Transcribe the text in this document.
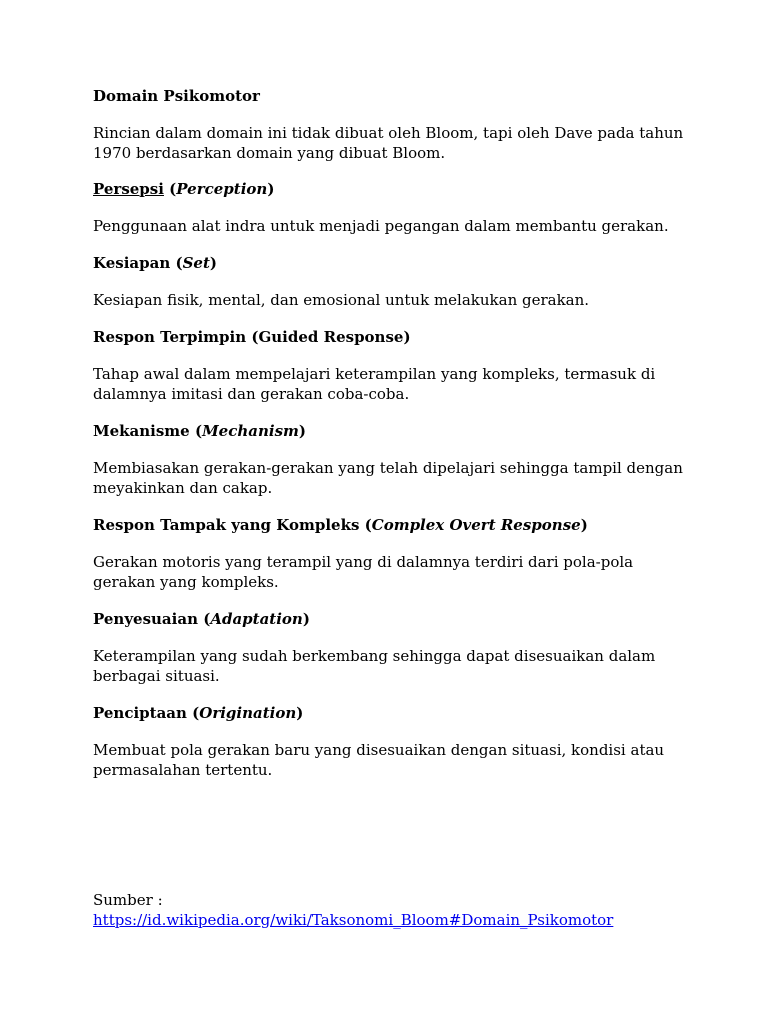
Domain Psikomotor

Rincian dalam domain ini tidak dibuat oleh Bloom, tapi oleh Dave pada tahun 1970 berdasarkan domain yang dibuat Bloom.

Persepsi (Perception)

Penggunaan alat indra untuk menjadi pegangan dalam membantu gerakan.

Kesiapan (Set)

Kesiapan fisik, mental, dan emosional untuk melakukan gerakan.

Respon Terpimpin (Guided Response)

Tahap awal dalam mempelajari keterampilan yang kompleks, termasuk di dalamnya imitasi dan gerakan coba-coba.

Mekanisme (Mechanism)

Membiasakan gerakan-gerakan yang telah dipelajari sehingga tampil dengan meyakinkan dan cakap.

Respon Tampak yang Kompleks (Complex Overt Response)

Gerakan motoris yang terampil yang di dalamnya terdiri dari pola-pola gerakan yang kompleks.

Penyesuaian (Adaptation)

Keterampilan yang sudah berkembang sehingga dapat disesuaikan dalam berbagai situasi.

Penciptaan (Origination)

Membuat pola gerakan baru yang disesuaikan dengan situasi, kondisi atau permasalahan tertentu.

Sumber :
https://id.wikipedia.org/wiki/Taksonomi_Bloom#Domain_Psikomotor
